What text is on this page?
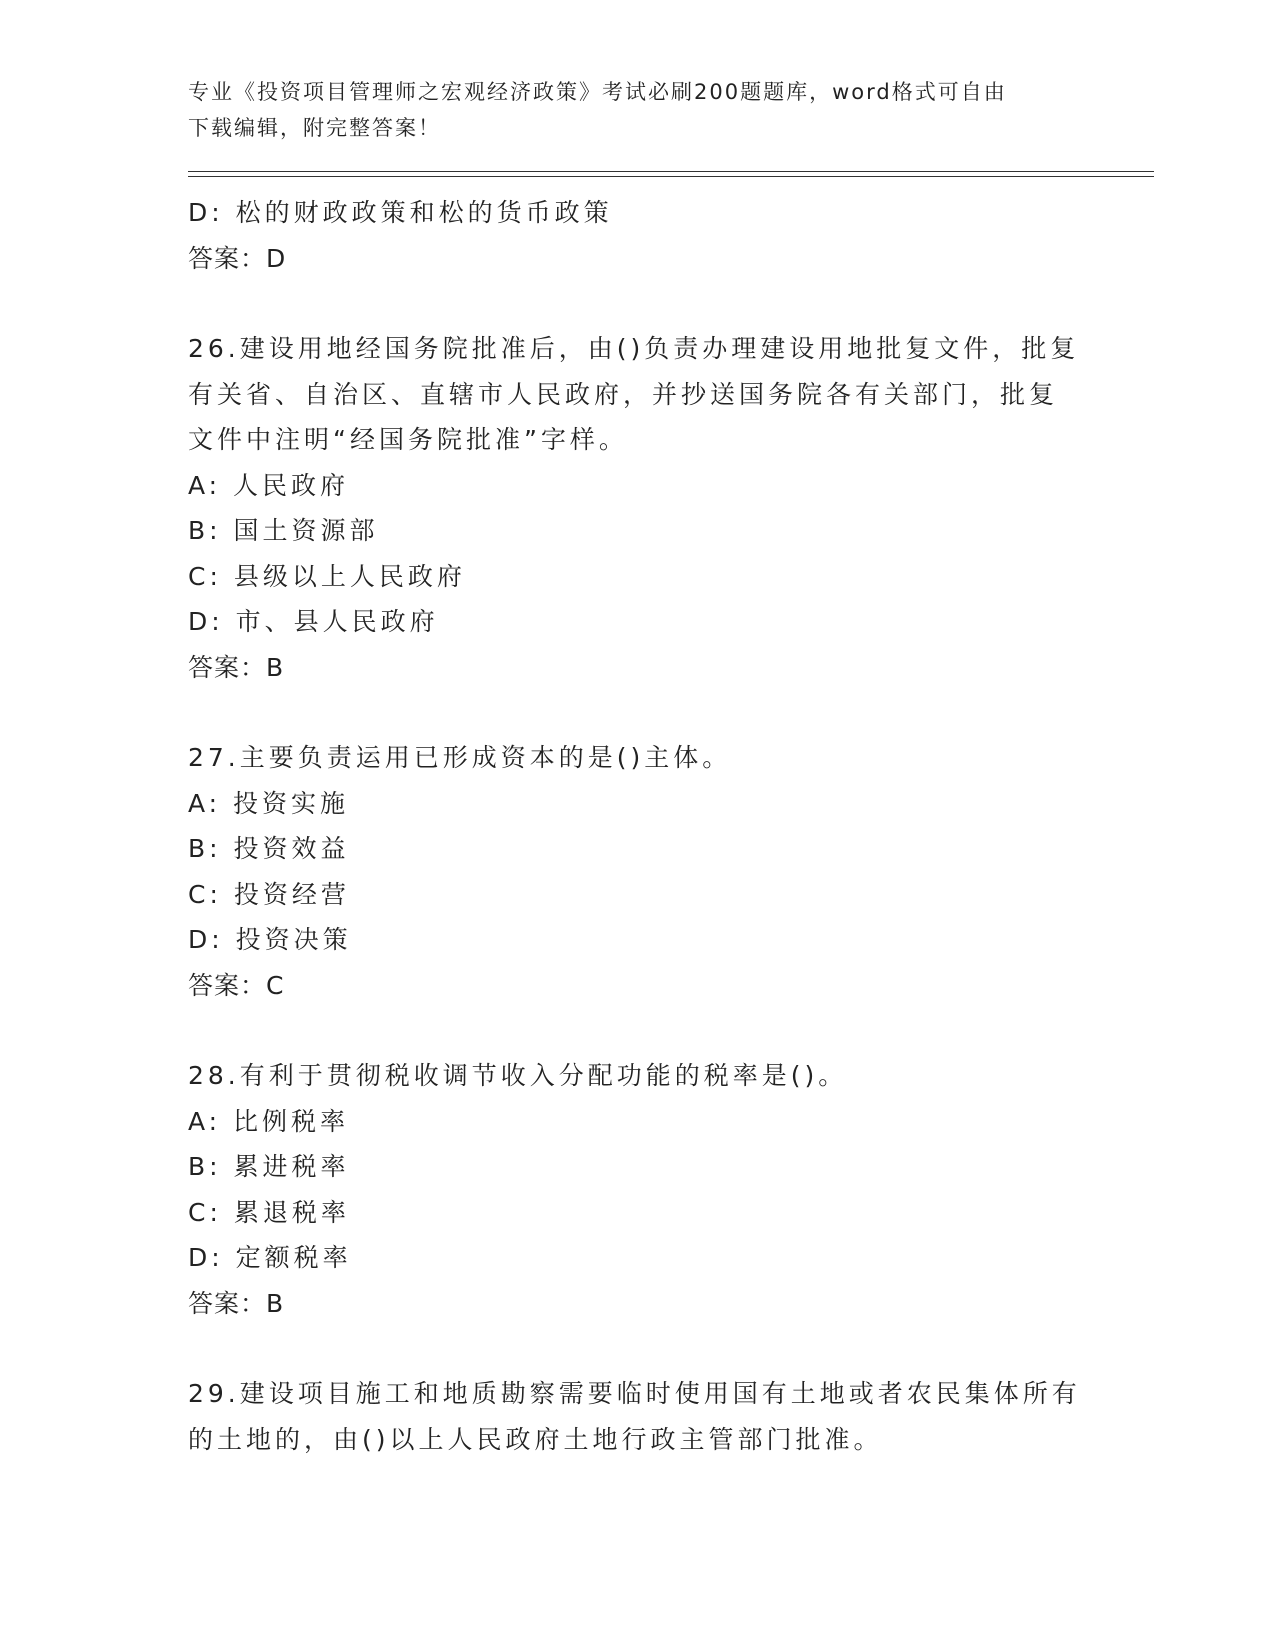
专业《投资项目管理师之宏观经济政策》考试必刷200题题库，word格式可自由
下载编辑，附完整答案！
D: 松的财政政策和松的货币政策
答案：D
26.建设用地经国务院批准后，由()负责办理建设用地批复文件，批复
有关省、自治区、直辖市人民政府，并抄送国务院各有关部门，批复
文件中注明“经国务院批准”字样。
A: 人民政府
B: 国土资源部
C: 县级以上人民政府
D: 市、县人民政府
答案：B
27.主要负责运用已形成资本的是()主体。
A: 投资实施
B: 投资效益
C: 投资经营
D: 投资决策
答案：C
28.有利于贯彻税收调节收入分配功能的税率是()。
A: 比例税率
B: 累进税率
C: 累退税率
D: 定额税率
答案：B
29.建设项目施工和地质勘察需要临时使用国有土地或者农民集体所有
的土地的，由()以上人民政府土地行政主管部门批准。
